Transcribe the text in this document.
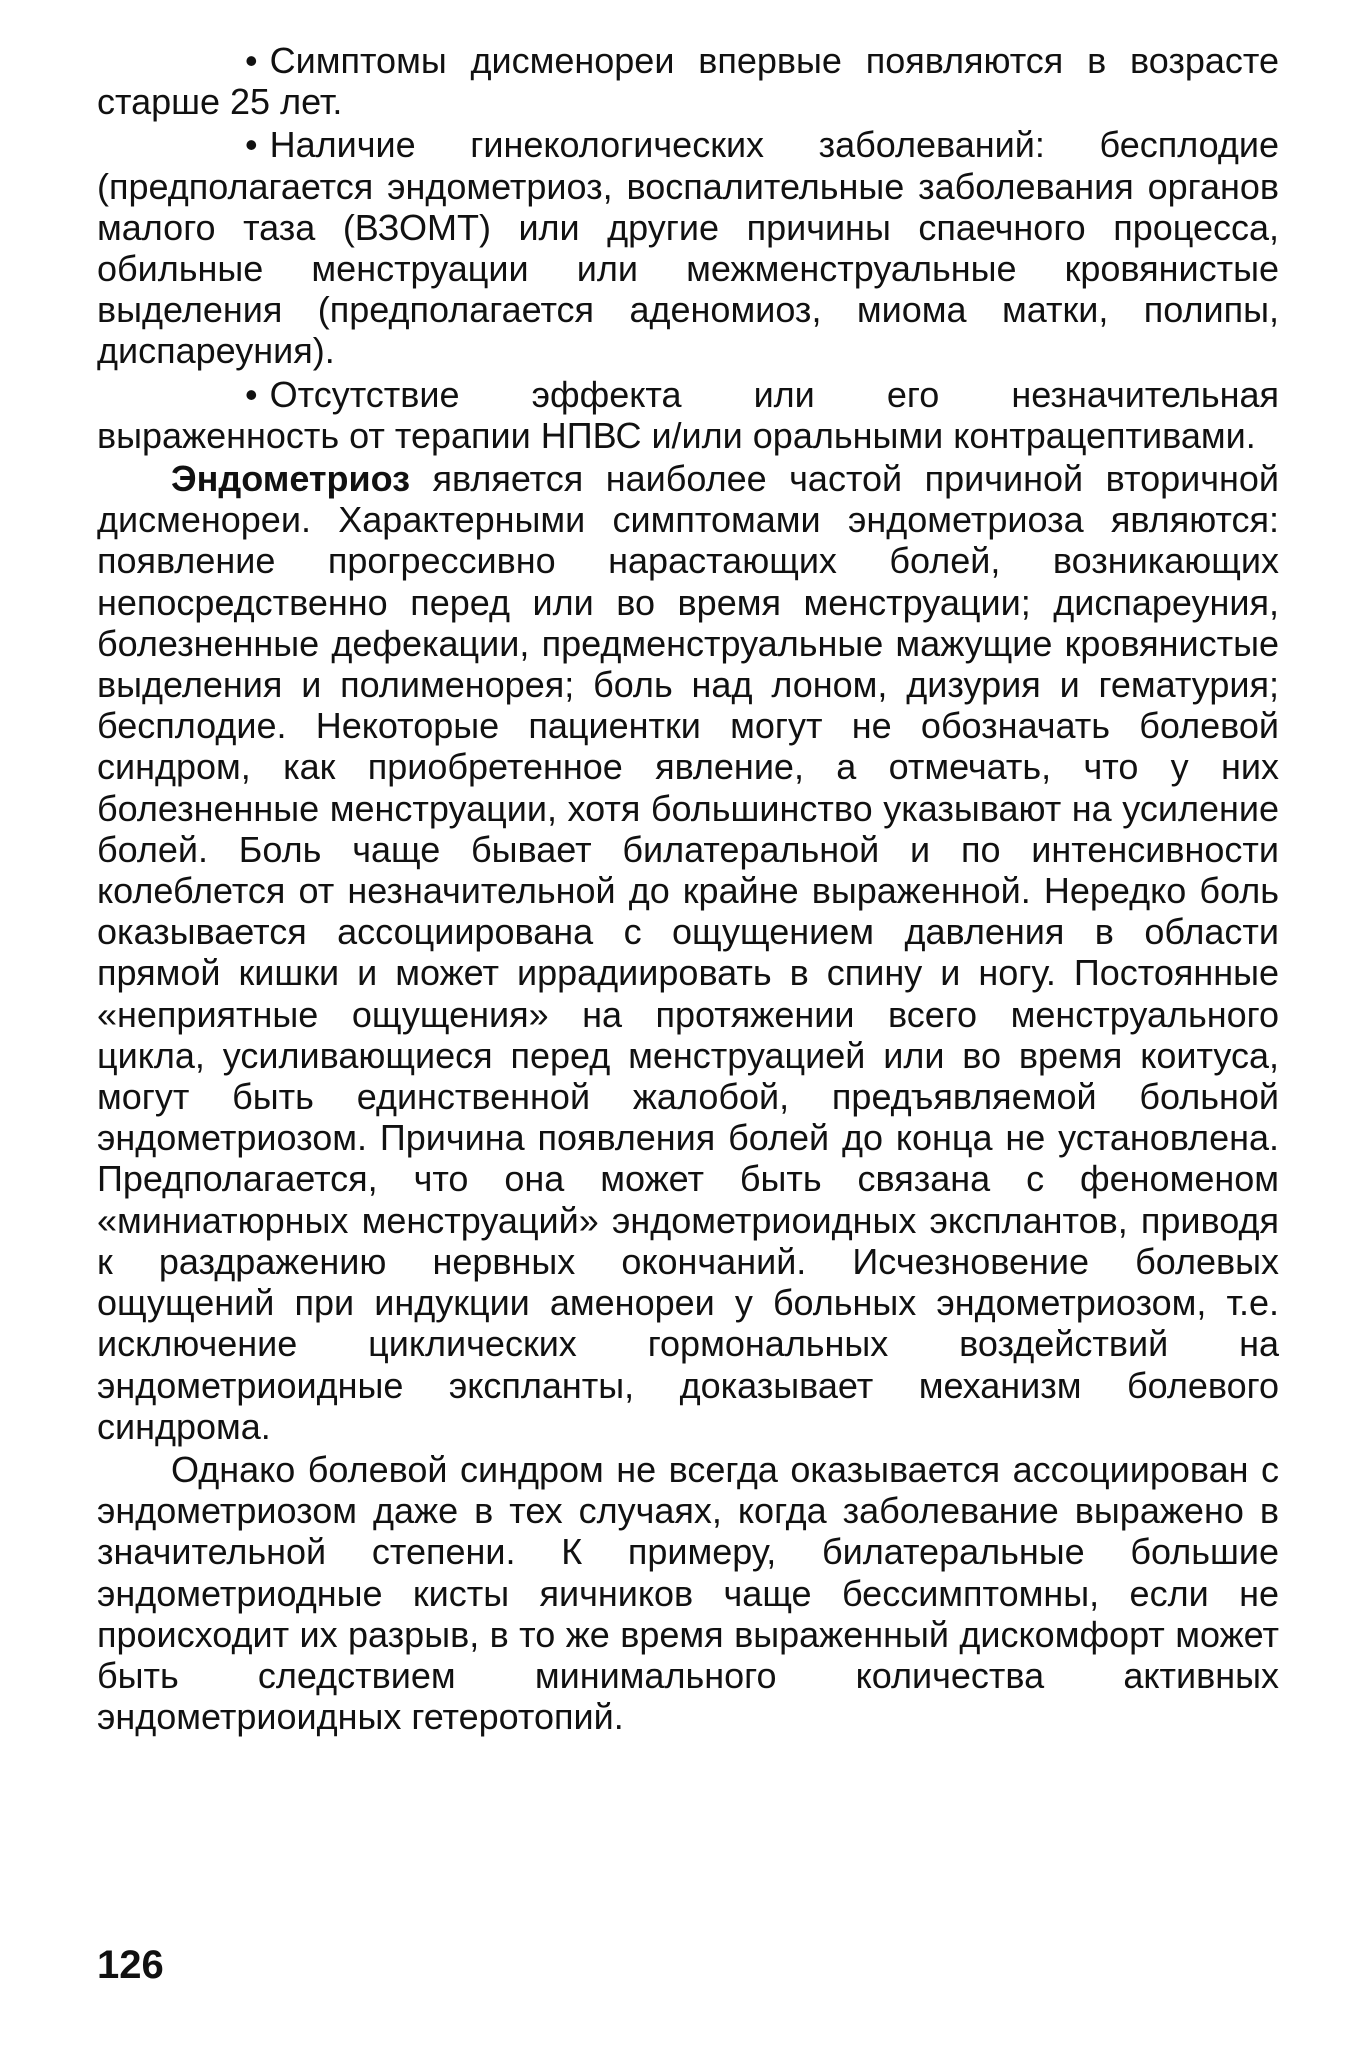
• Симптомы дисменореи впервые появляются в возрасте старше 25 лет.

• Наличие гинекологических заболеваний: бесплодие (предполагается эндометриоз, воспалительные заболевания органов малого таза (ВЗОМТ) или другие причины спаечного процесса, обильные менструации или межменструальные кровянистые выделения (предполагается аденомиоз, миома матки, полипы, диспареуния).

• Отсутствие эффекта или его незначительная выраженность от терапии НПВС и/или оральными контрацептивами.

Эндометриоз является наиболее частой причиной вторичной дисменореи. Характерными симптомами эндометриоза являются: появление прогрессивно нарастающих болей, возникающих непосредственно перед или во время менструации; диспареуния, болезненные дефекации, предменструальные мажущие кровянистые выделения и полименорея; боль над лоном, дизурия и гематурия; бесплодие. Некоторые пациентки могут не обозначать болевой синдром, как приобретенное явление, а отмечать, что у них болезненные менструации, хотя большинство указывают на усиление болей. Боль чаще бывает билатеральной и по интенсивности колеблется от незначительной до крайне выраженной. Нередко боль оказывается ассоциирована с ощущением давления в области прямой кишки и может иррадиировать в спину и ногу. Постоянные «неприятные ощущения» на протяжении всего менструального цикла, усиливающиеся перед менструацией или во время коитуса, могут быть единственной жалобой, предъявляемой больной эндометриозом. Причина появления болей до конца не установлена. Предполагается, что она может быть связана с феноменом «миниатюрных менструаций» эндометриоидных эксплантов, приводя к раздражению нервных окончаний. Исчезновение болевых ощущений при индукции аменореи у больных эндометриозом, т.е. исключение циклических гормональных воздействий на эндометриоидные экспланты, доказывает механизм болевого синдрома.

Однако болевой синдром не всегда оказывается ассоциирован с эндометриозом даже в тех случаях, когда заболевание выражено в значительной степени. К примеру, билатеральные большие эндометриодные кисты яичников чаще бессимптомны, если не происходит их разрыв, в то же время выраженный дискомфорт может быть следствием минимального количества активных эндометриоидных гетеротопий.

126
